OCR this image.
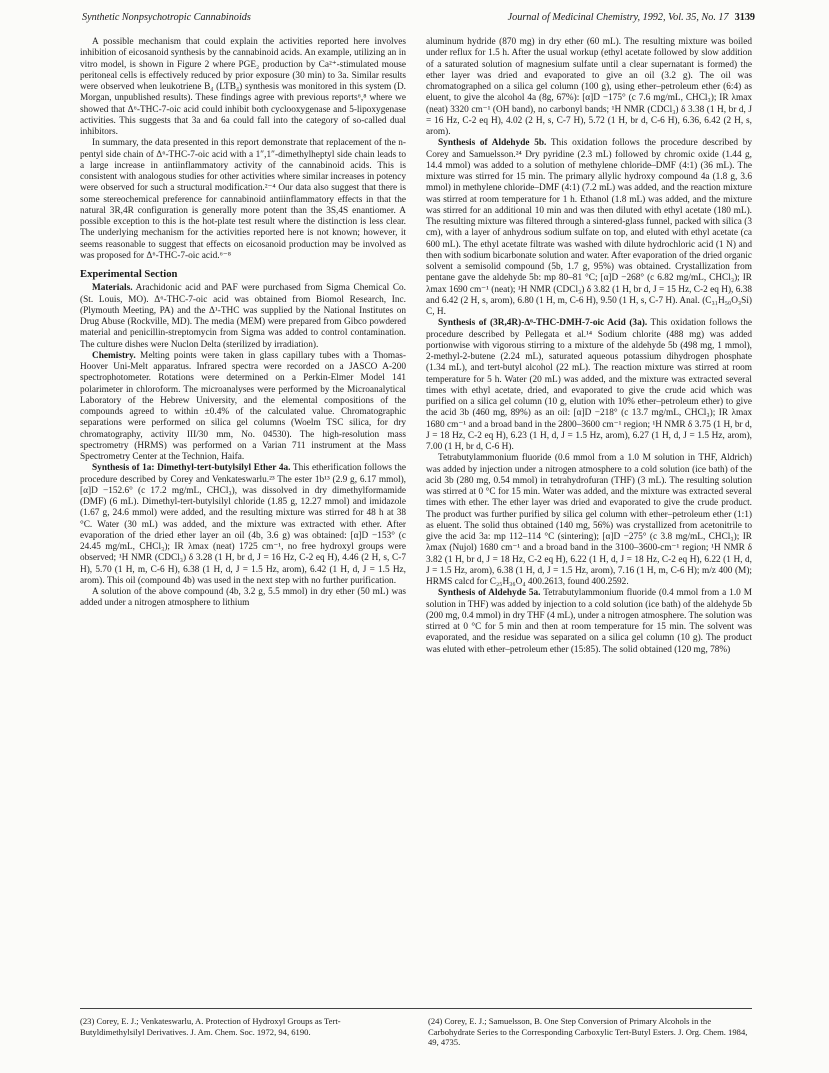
Synthetic Nonpsychotropic Cannabinoids	Journal of Medicinal Chemistry, 1992, Vol. 35, No. 17 3139

A possible mechanism that could explain the activities reported here involves inhibition of eicosanoid synthesis by the cannabinoid acids. An example, utilizing an in vitro model, is shown in Figure 2 where PGE₂ production by Ca²⁺-stimulated mouse peritoneal cells is effectively reduced by prior exposure (30 min) to 3a. Similar results were observed when leukotriene B₄ (LTB₄) synthesis was monitored in this system (D. Morgan, unpublished results). These findings agree with previous reports⁶,⁸ where we showed that Δ⁶-THC-7-oic acid could inhibit both cyclooxygenase and 5-lipoxygenase activities. This suggests that 3a and 6a could fall into the category of so-called dual inhibitors.

In summary, the data presented in this report demonstrate that replacement of the n-pentyl side chain of Δ⁶-THC-7-oic acid with a 1″,1″-dimethylheptyl side chain leads to a large increase in antiinflammatory activity of the cannabinoid acids. This is consistent with analogous studies for other activities where similar increases in potency were observed for such a structural modification.²⁻⁴ Our data also suggest that there is some stereochemical preference for cannabinoid antiinflammatory effects in that the natural 3R,4R configuration is generally more potent than the 3S,4S enantiomer. A possible exception to this is the hot-plate test result where the distinction is less clear. The underlying mechanism for the activities reported here is not known; however, it seems reasonable to suggest that effects on eicosanoid production may be involved as was proposed for Δ⁶-THC-7-oic acid.⁶⁻⁸

Experimental Section

Materials. Arachidonic acid and PAF were purchased from Sigma Chemical Co. (St. Louis, MO). Δ⁶-THC-7-oic acid was obtained from Biomol Research, Inc. (Plymouth Meeting, PA) and the Δ¹-THC was supplied by the National Institutes on Drug Abuse (Rockville, MD). The media (MEM) were prepared from Gibco powdered material and penicillin-streptomycin from Sigma was added to control contamination. The culture dishes were Nuclon Delta (sterilized by irradiation).

Chemistry. Melting points were taken in glass capillary tubes with a Thomas-Hoover Uni-Melt apparatus. Infrared spectra were recorded on a JASCO A-200 spectrophotometer. Rotations were determined on a Perkin-Elmer Model 141 polarimeter in chloroform. The microanalyses were performed by the Microanalytical Laboratory of the Hebrew University, and the elemental compositions of the compounds agreed to within ±0.4% of the calculated value. Chromatographic separations were performed on silica gel columns (Woelm TSC silica, for dry chromatography, activity III/30 mm, No. 04530). The high-resolution mass spectrometry (HRMS) was performed on a Varian 711 instrument at the Mass Spectrometry Center at the Technion, Haifa.

Synthesis of 1a: Dimethyl-tert-butylsilyl Ether 4a. This etherification follows the procedure described by Corey and Venkateswarlu.²³ The ester 1b¹³ (2.9 g, 6.17 mmol), [α]D −152.6° (c 17.2 mg/mL, CHCl₃), was dissolved in dry dimethylformamide (DMF) (6 mL). Dimethyl-tert-butylsilyl chloride (1.85 g, 12.27 mmol) and imidazole (1.67 g, 24.6 mmol) were added, and the resulting mixture was stirred for 48 h at 38 °C. Water (30 mL) was added, and the mixture was extracted with ether. After evaporation of the dried ether layer an oil (4b, 3.6 g) was obtained: [α]D −153° (c 24.45 mg/mL, CHCl₃); IR λmax (neat) 1725 cm⁻¹, no free hydroxyl groups were observed; ¹H NMR (CDCl₃) δ 3.28 (1 H, br d, J = 16 Hz, C-2 eq H), 4.46 (2 H, s, C-7 H), 5.70 (1 H, m, C-6 H), 6.38 (1 H, d, J = 1.5 Hz, arom), 6.42 (1 H, d, J = 1.5 Hz, arom). This oil (compound 4b) was used in the next step with no further purification.

A solution of the above compound (4b, 3.2 g, 5.5 mmol) in dry ether (50 mL) was added under a nitrogen atmosphere to lithium

aluminum hydride (870 mg) in dry ether (60 mL). The resulting mixture was boiled under reflux for 1.5 h. After the usual workup (ethyl acetate followed by slow addition of a saturated solution of magnesium sulfate until a clear supernatant is formed) the ether layer was dried and evaporated to give an oil (3.2 g). The oil was chromatographed on a silica gel column (100 g), using ether–petroleum ether (6:4) as eluent, to give the alcohol 4a (8g, 67%): [α]D −175° (c 7.6 mg/mL, CHCl₃); IR λmax (neat) 3320 cm⁻¹ (OH band), no carbonyl bands; ¹H NMR (CDCl₃) δ 3.38 (1 H, br d, J = 16 Hz, C-2 eq H), 4.02 (2 H, s, C-7 H), 5.72 (1 H, br d, C-6 H), 6.36, 6.42 (2 H, s, arom).

Synthesis of Aldehyde 5b. This oxidation follows the procedure described by Corey and Samuelsson.²⁴ Dry pyridine (2.3 mL) followed by chromic oxide (1.44 g, 14.4 mmol) was added to a solution of methylene chloride–DMF (4:1) (36 mL). The mixture was stirred for 15 min. The primary allylic hydroxy compound 4a (1.8 g, 3.6 mmol) in methylene chloride–DMF (4:1) (7.2 mL) was added, and the reaction mixture was stirred at room temperature for 1 h. Ethanol (1.8 mL) was added, and the mixture was stirred for an additional 10 min and was then diluted with ethyl acetate (180 mL). The resulting mixture was filtered through a sintered-glass funnel, packed with silica (3 cm), with a layer of anhydrous sodium sulfate on top, and eluted with ethyl acetate (ca 600 mL). The ethyl acetate filtrate was washed with dilute hydrochloric acid (1 N) and then with sodium bicarbonate solution and water. After evaporation of the dried organic solvent a semisolid compound (5b, 1.7 g, 95%) was obtained. Crystallization from pentane gave the aldehyde 5b: mp 80–81 °C; [α]D −268° (c 6.82 mg/mL, CHCl₃); IR λmax 1690 cm⁻¹ (neat); ¹H NMR (CDCl₃) δ 3.82 (1 H, br d, J = 15 Hz, C-2 eq H), 6.38 and 6.42 (2 H, s, arom), 6.80 (1 H, m, C-6 H), 9.50 (1 H, s, C-7 H). Anal. (C₃₁H₅₀O₃Si) C, H.

Synthesis of (3R,4R)-Δ⁶-THC-DMH-7-oic Acid (3a). This oxidation follows the procedure described by Pellegata et al.¹⁴ Sodium chlorite (488 mg) was added portionwise with vigorous stirring to a mixture of the aldehyde 5b (498 mg, 1 mmol), 2-methyl-2-butene (2.24 mL), saturated aqueous potassium dihydrogen phosphate (1.34 mL), and tert-butyl alcohol (22 mL). The reaction mixture was stirred at room temperature for 5 h. Water (20 mL) was added, and the mixture was extracted several times with ethyl acetate, dried, and evaporated to give the crude acid which was purified on a silica gel column (10 g, elution with 10% ether–petroleum ether) to give the acid 3b (460 mg, 89%) as an oil: [α]D −218° (c 13.7 mg/mL, CHCl₃); IR λmax 1680 cm⁻¹ and a broad band in the 2800–3600 cm⁻¹ region; ¹H NMR δ 3.75 (1 H, br d, J = 18 Hz, C-2 eq H), 6.23 (1 H, d, J = 1.5 Hz, arom), 6.27 (1 H, d, J = 1.5 Hz, arom), 7.00 (1 H, br d, C-6 H).

Tetrabutylammonium fluoride (0.6 mmol from a 1.0 M solution in THF, Aldrich) was added by injection under a nitrogen atmosphere to a cold solution (ice bath) of the acid 3b (280 mg, 0.54 mmol) in tetrahydrofuran (THF) (3 mL). The resulting solution was stirred at 0 °C for 15 min. Water was added, and the mixture was extracted several times with ether. The ether layer was dried and evaporated to give the crude product. The product was further purified by silica gel column with ether–petroleum ether (1:1) as eluent. The solid thus obtained (140 mg, 56%) was crystallized from acetonitrile to give the acid 3a: mp 112–114 °C (sintering); [α]D −275° (c 3.8 mg/mL, CHCl₃); IR λmax (Nujol) 1680 cm⁻¹ and a broad band in the 3100–3600-cm⁻¹ region; ¹H NMR δ 3.82 (1 H, br d, J = 18 Hz, C-2 eq H), 6.22 (1 H, d, J = 18 Hz, C-2 eq H), 6.22 (1 H, d, J = 1.5 Hz, arom), 6.38 (1 H, d, J = 1.5 Hz, arom), 7.16 (1 H, m, C-6 H); m/z 400 (M); HRMS calcd for C₂₅H₃₆O₄ 400.2613, found 400.2592.

Synthesis of Aldehyde 5a. Tetrabutylammonium fluoride (0.4 mmol from a 1.0 M solution in THF) was added by injection to a cold solution (ice bath) of the aldehyde 5b (200 mg, 0.4 mmol) in dry THF (4 mL), under a nitrogen atmosphere. The solution was stirred at 0 °C for 5 min and then at room temperature for 15 min. The solvent was evaporated, and the residue was separated on a silica gel column (10 g). The product was eluted with ether–petroleum ether (15:85). The solid obtained (120 mg, 78%)

(23) Corey, E. J.; Venkateswarlu, A. Protection of Hydroxyl Groups as Tert-Butyldimethylsilyl Derivatives. J. Am. Chem. Soc. 1972, 94, 6190.
(24) Corey, E. J.; Samuelsson, B. One Step Conversion of Primary Alcohols in the Carbohydrate Series to the Corresponding Carboxylic Tert-Butyl Esters. J. Org. Chem. 1984, 49, 4735.
